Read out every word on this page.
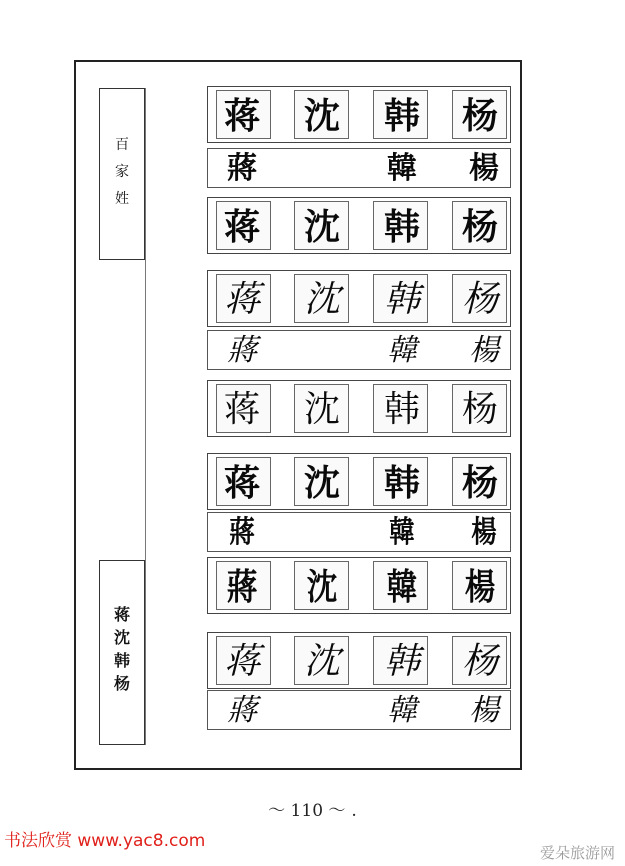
百
家
姓
蒋
沈
韩
杨
蒋 沈 韩 杨
蔣	韓 楊
蒋 沈 韩 杨
蒋 沈 韩 杨
蔣	韓 楊
蒋 沈 韩 杨
蒋 沈 韩 杨
蔣	韓 楊
蔣 沈 韓 楊
蒋 沈 韩 杨
蔣	韓 楊
～ 110 ～ .
书法欣赏 www.yac8.com
爱朵旅游网
